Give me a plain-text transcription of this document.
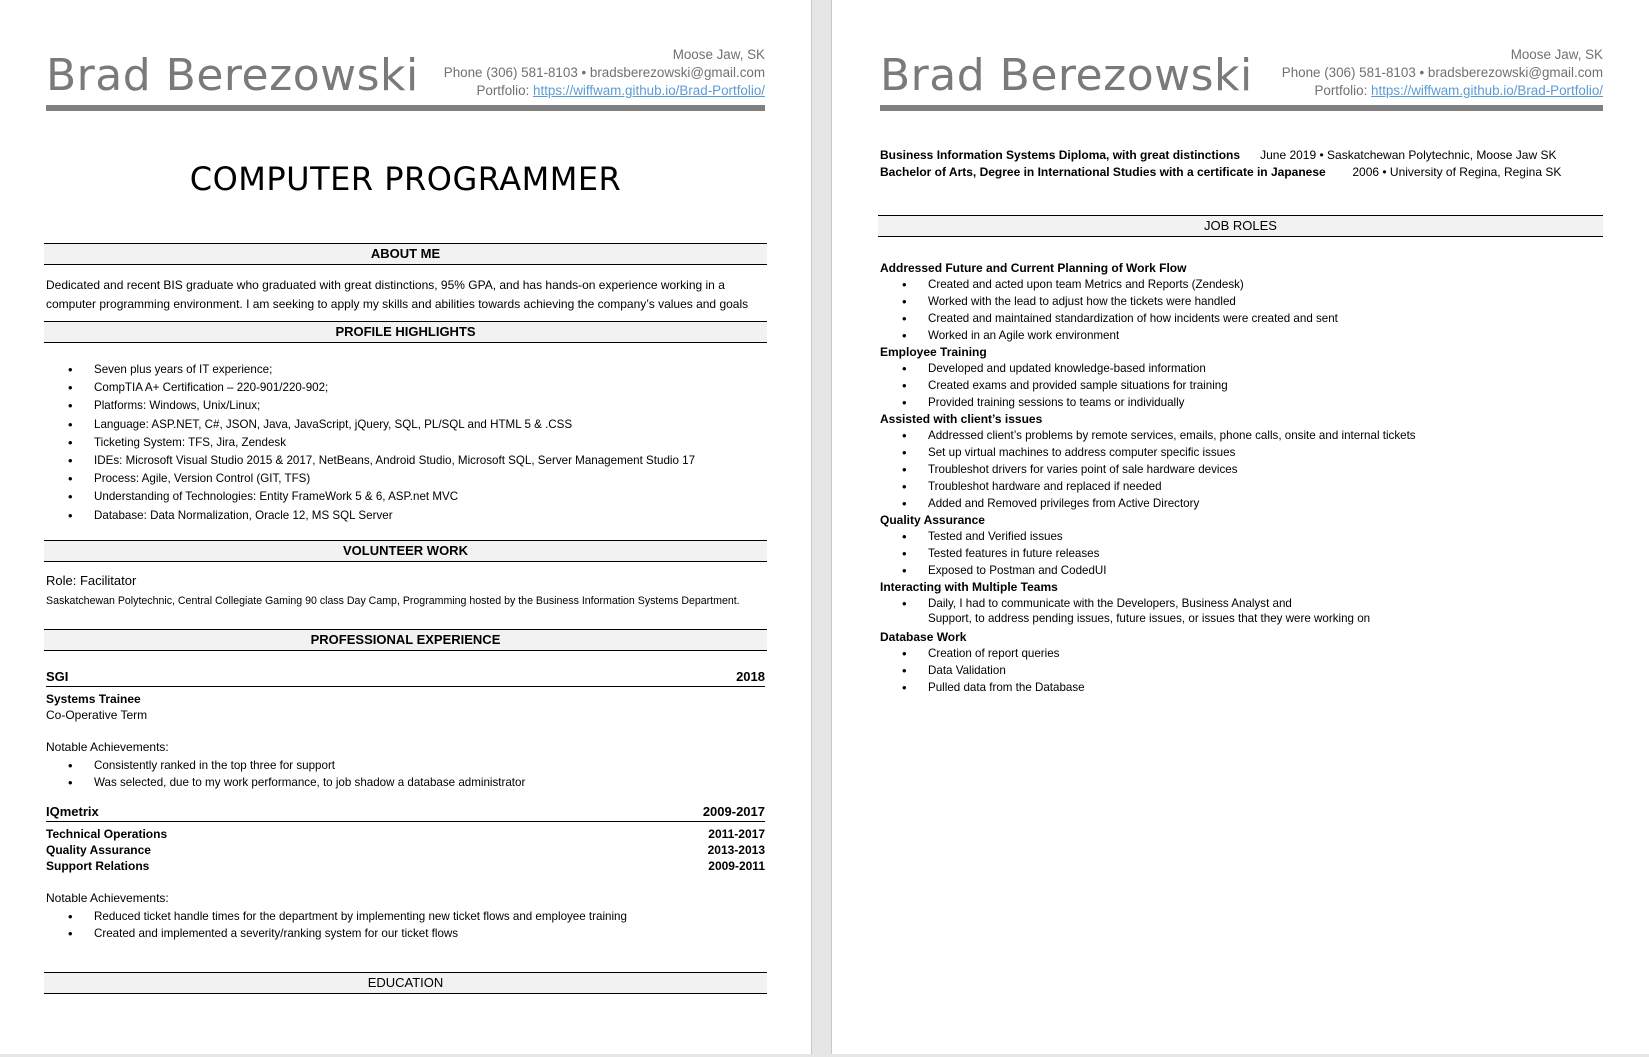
Brad Berezowski	Moose Jaw, SK
Phone (306) 581-8103 • bradsberezowski@gmail.com
Portfolio: https://wiffwam.github.io/Brad-Portfolio/
COMPUTER PROGRAMMER
ABOUT ME
Dedicated and recent BIS graduate who graduated with great distinctions, 95% GPA, and has hands-on experience working in a
computer programming environment. I am seeking to apply my skills and abilities towards achieving the company’s values and goals
PROFILE HIGHLIGHTS
• Seven plus years of IT experience;
• CompTIA A+ Certification – 220-901/220-902;
• Platforms: Windows, Unix/Linux;
• Language: ASP.NET, C#, JSON, Java, JavaScript, jQuery, SQL, PL/SQL and HTML 5 & .CSS
• Ticketing System: TFS, Jira, Zendesk
• IDEs: Microsoft Visual Studio 2015 & 2017, NetBeans, Android Studio, Microsoft SQL, Server Management Studio 17
• Process: Agile, Version Control (GIT, TFS)
• Understanding of Technologies: Entity FrameWork 5 & 6, ASP.net MVC
• Database: Data Normalization, Oracle 12, MS SQL Server
VOLUNTEER WORK
Role: Facilitator
Saskatchewan Polytechnic, Central Collegiate Gaming 90 class Day Camp, Programming hosted by the Business Information Systems Department.
PROFESSIONAL EXPERIENCE
SGI	2018
Systems Trainee
Co-Operative Term
Notable Achievements:
• Consistently ranked in the top three for support
• Was selected, due to my work performance, to job shadow a database administrator
IQmetrix	2009-2017
Technical Operations	2011-2017
Quality Assurance	2013-2013
Support Relations	2009-2011
Notable Achievements:
• Reduced ticket handle times for the department by implementing new ticket flows and employee training
• Created and implemented a severity/ranking system for our ticket flows
EDUCATION
Brad Berezowski	Moose Jaw, SK
Phone (306) 581-8103 • bradsberezowski@gmail.com
Portfolio: https://wiffwam.github.io/Brad-Portfolio/
Business Information Systems Diploma, with great distinctions June 2019 • Saskatchewan Polytechnic, Moose Jaw SK
Bachelor of Arts, Degree in International Studies with a certificate in Japanese 2006 • University of Regina, Regina SK
JOB ROLES
Addressed Future and Current Planning of Work Flow
• Created and acted upon team Metrics and Reports (Zendesk)
• Worked with the lead to adjust how the tickets were handled
• Created and maintained standardization of how incidents were created and sent
• Worked in an Agile work environment
Employee Training
• Developed and updated knowledge-based information
• Created exams and provided sample situations for training
• Provided training sessions to teams or individually
Assisted with client’s issues
• Addressed client’s problems by remote services, emails, phone calls, onsite and internal tickets
• Set up virtual machines to address computer specific issues
• Troubleshot drivers for varies point of sale hardware devices
• Troubleshot hardware and replaced if needed
• Added and Removed privileges from Active Directory
Quality Assurance
• Tested and Verified issues
• Tested features in future releases
• Exposed to Postman and CodedUI
Interacting with Multiple Teams
• Daily, I had to communicate with the Developers, Business Analyst and
Support, to address pending issues, future issues, or issues that they were working on
Database Work
• Creation of report queries
• Data Validation
• Pulled data from the Database
